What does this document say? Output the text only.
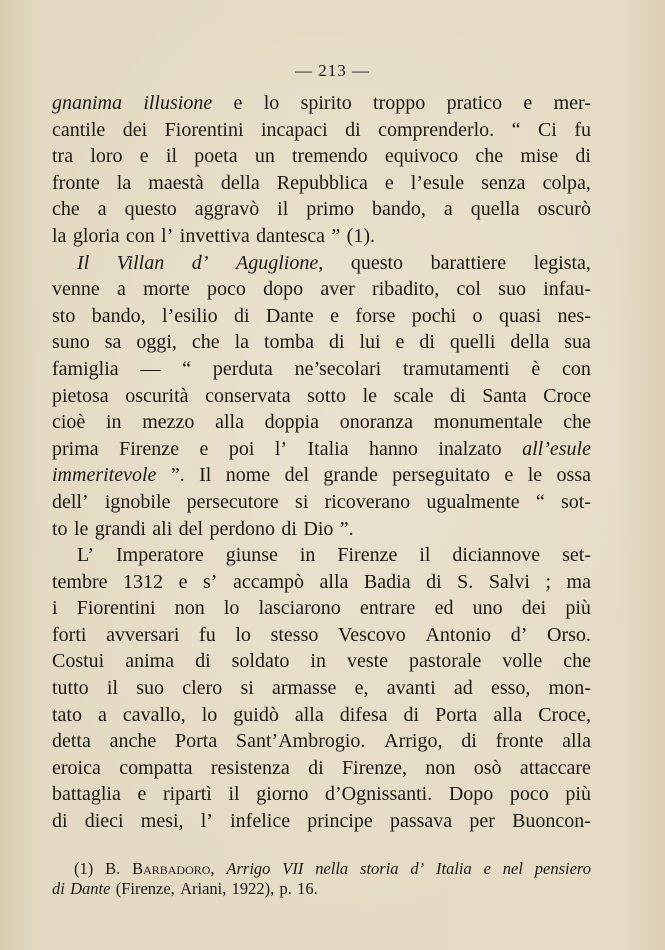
— 213 —
gnanima illusione e lo spirito troppo pratico e mer-
cantile dei Fiorentini incapaci di comprenderlo. “ Ci fu
tra loro e il poeta un tremendo equivoco che mise di
fronte la maestà della Repubblica e l’esule senza colpa,
che a questo aggravò il primo bando, a quella oscurò
la gloria con l’ invettiva dantesca ” (1).
Il Villan d’ Aguglione, questo barattiere legista,
venne a morte poco dopo aver ribadito, col suo infau-
sto bando, l’esilio di Dante e forse pochi o quasi nes-
suno sa oggi, che la tomba di lui e di quelli della sua
famiglia — “ perduta ne’secolari tramutamenti è con
pietosa oscurità conservata sotto le scale di Santa Croce
cioè in mezzo alla doppia onoranza monumentale che
prima Firenze e poi l’ Italia hanno inalzato all’esule
immeritevole ”. Il nome del grande perseguitato e le ossa
dell’ ignobile persecutore si ricoverano ugualmente “ sot-
to le grandi ali del perdono di Dio ”.
L’ Imperatore giunse in Firenze il diciannove set-
tembre 1312 e s’ accampò alla Badia di S. Salvi ; ma
i Fiorentini non lo lasciarono entrare ed uno dei più
forti avversari fu lo stesso Vescovo Antonio d’ Orso.
Costui anima di soldato in veste pastorale volle che
tutto il suo clero si armasse e, avanti ad esso, mon-
tato a cavallo, lo guidò alla difesa di Porta alla Croce,
detta anche Porta Sant’Ambrogio. Arrigo, di fronte alla
eroica compatta resistenza di Firenze, non osò attaccare
battaglia e ripartì il giorno d’Ognissanti. Dopo poco più
di dieci mesi, l’ infelice principe passava per Buoncon-
(1) B. Barbadoro, Arrigo VII nella storia d’ Italia e nel pensiero
di Dante (Firenze, Ariani, 1922), p. 16.
